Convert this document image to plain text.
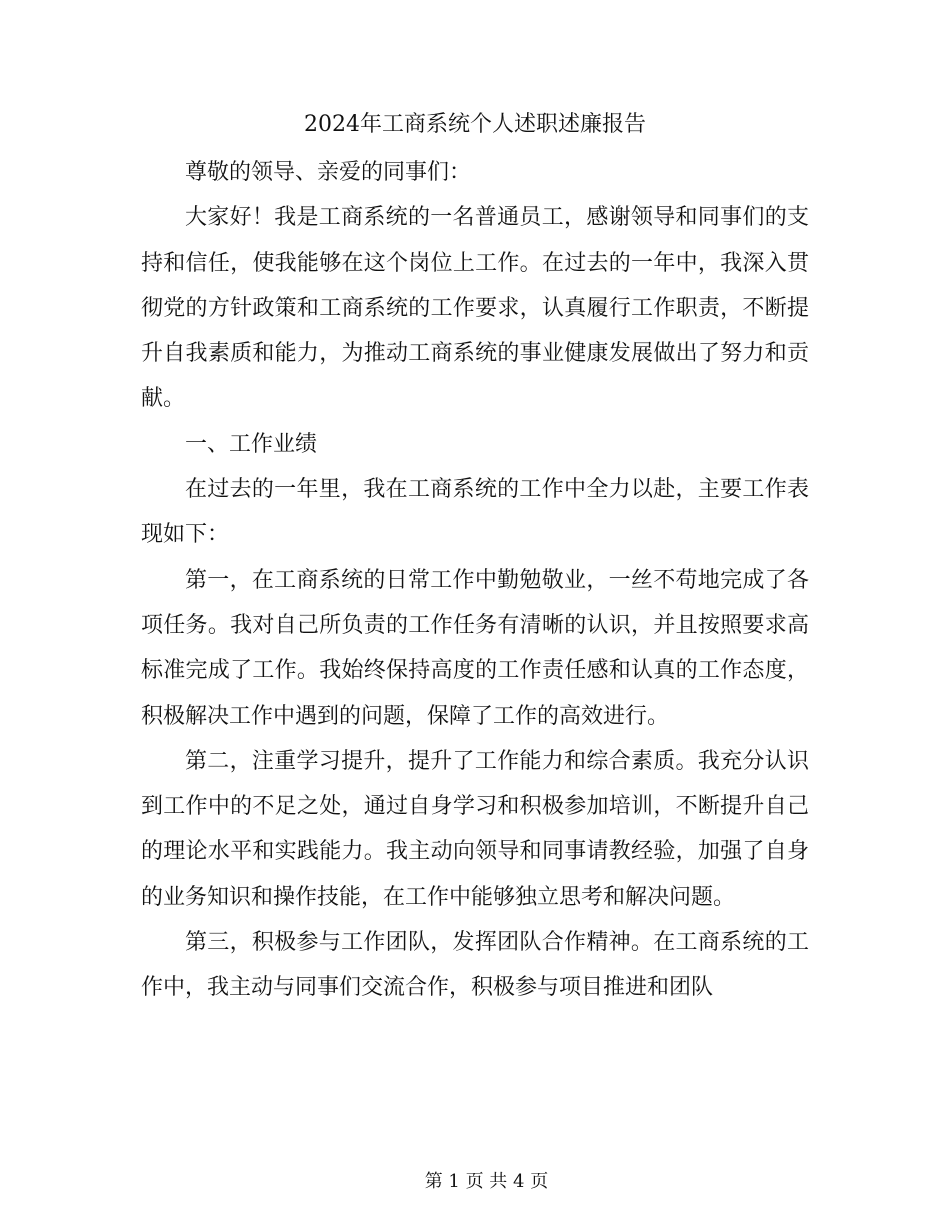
2024年工商系统个人述职述廉报告

尊敬的领导、亲爱的同事们：

大家好！我是工商系统的一名普通员工，感谢领导和同事们的支持和信任，使我能够在这个岗位上工作。在过去的一年中，我深入贯彻党的方针政策和工商系统的工作要求，认真履行工作职责，不断提升自我素质和能力，为推动工商系统的事业健康发展做出了努力和贡献。

一、工作业绩

在过去的一年里，我在工商系统的工作中全力以赴，主要工作表现如下：

第一，在工商系统的日常工作中勤勉敬业，一丝不苟地完成了各项任务。我对自己所负责的工作任务有清晰的认识，并且按照要求高标准完成了工作。我始终保持高度的工作责任感和认真的工作态度，积极解决工作中遇到的问题，保障了工作的高效进行。

第二，注重学习提升，提升了工作能力和综合素质。我充分认识到工作中的不足之处，通过自身学习和积极参加培训，不断提升自己的理论水平和实践能力。我主动向领导和同事请教经验，加强了自身的业务知识和操作技能，在工作中能够独立思考和解决问题。

第三，积极参与工作团队，发挥团队合作精神。在工商系统的工作中，我主动与同事们交流合作，积极参与项目推进和团队

第 1 页 共 4 页
